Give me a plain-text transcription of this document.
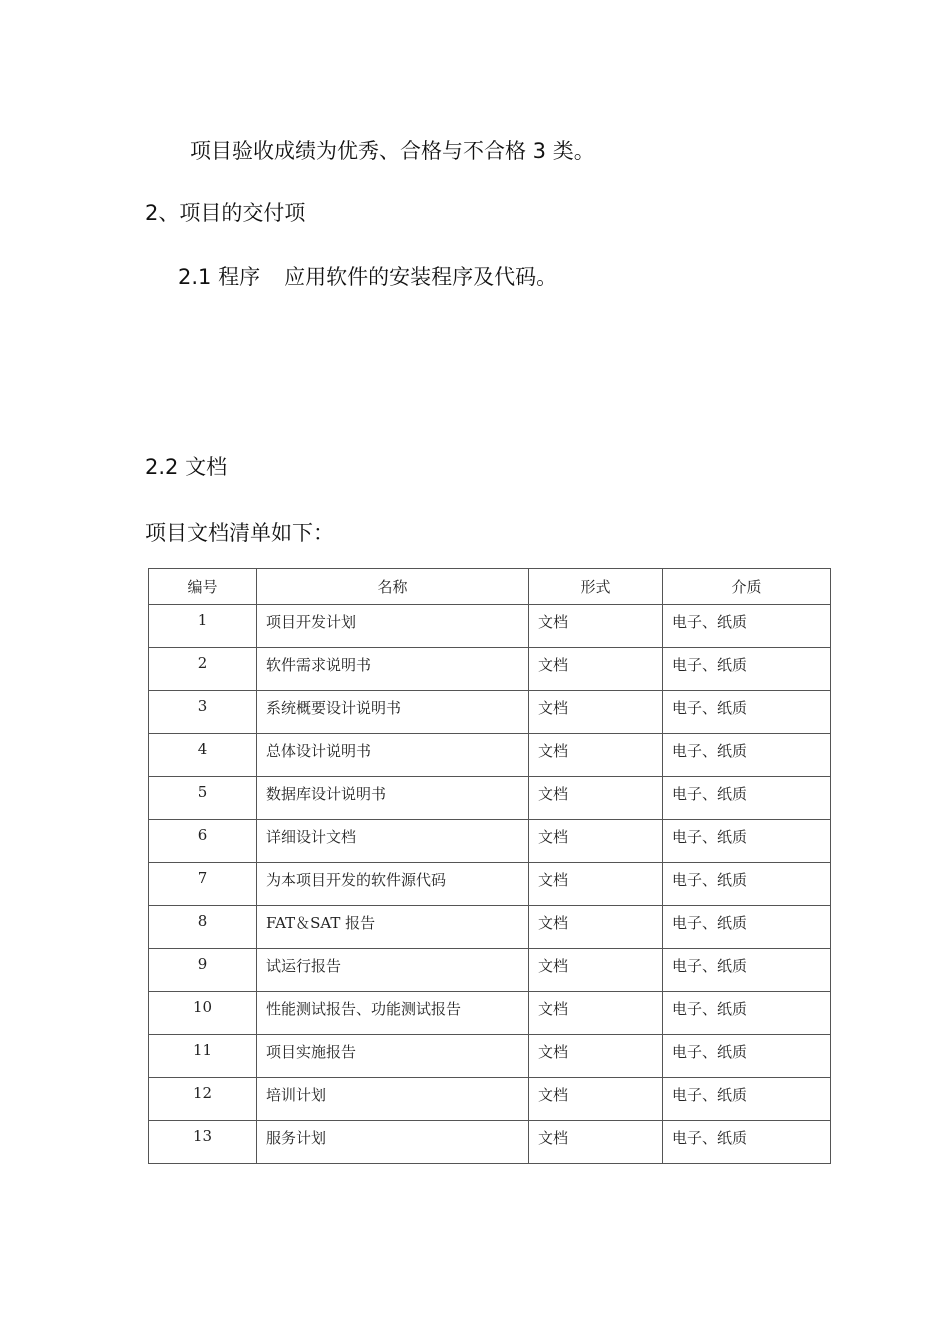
项目验收成绩为优秀、合格与不合格 3 类。
2、项目的交付项
2.1 程序 应用软件的安装程序及代码。
2.2 文档
项目文档清单如下：
编号	名称	形式	介质
1	项目开发计划	文档	电子、纸质
2	软件需求说明书	文档	电子、纸质
3	系统概要设计说明书	文档	电子、纸质
4	总体设计说明书	文档	电子、纸质
5	数据库设计说明书	文档	电子、纸质
6	详细设计文档	文档	电子、纸质
7	为本项目开发的软件源代码	文档	电子、纸质
8	FAT＆SAT 报告	文档	电子、纸质
9	试运行报告	文档	电子、纸质
10	性能测试报告、功能测试报告	文档	电子、纸质
11	项目实施报告	文档	电子、纸质
12	培训计划	文档	电子、纸质
13	服务计划	文档	电子、纸质
